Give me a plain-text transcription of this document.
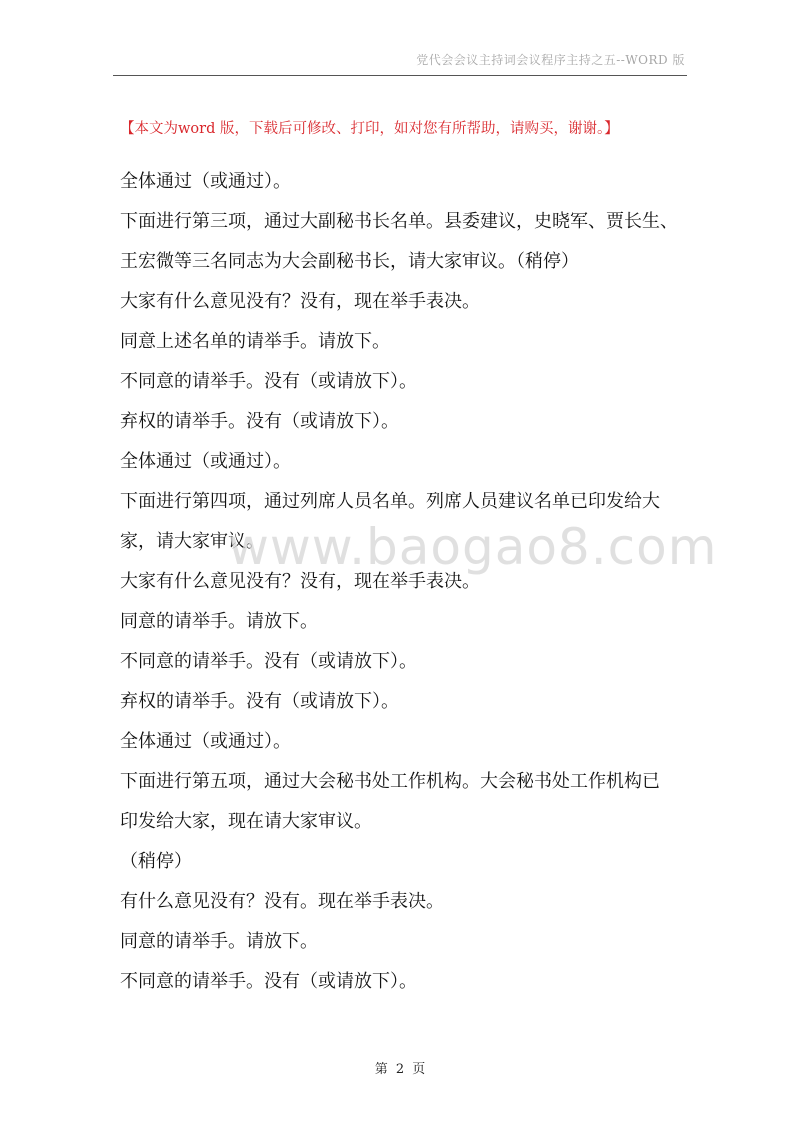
党代会会议主持词会议程序主持之五--WORD 版
【本文为word 版，下载后可修改、打印，如对您有所帮助，请购买，谢谢。】

全体通过（或通过）。

下面进行第三项，通过大副秘书长名单。县委建议，史晓军、贾长生、

王宏微等三名同志为大会副秘书长，请大家审议。（稍停）

大家有什么意见没有？没有，现在举手表决。

同意上述名单的请举手。请放下。

不同意的请举手。没有（或请放下）。

弃权的请举手。没有（或请放下）。

全体通过（或通过）。

下面进行第四项，通过列席人员名单。列席人员建议名单已印发给大

家，请大家审议。

大家有什么意见没有？没有，现在举手表决。

同意的请举手。请放下。

不同意的请举手。没有（或请放下）。

弃权的请举手。没有（或请放下）。

全体通过（或通过）。

下面进行第五项，通过大会秘书处工作机构。大会秘书处工作机构已

印发给大家，现在请大家审议。

（稍停）

有什么意见没有？没有。现在举手表决。

同意的请举手。请放下。

不同意的请举手。没有（或请放下）。

www.baogao8.com
第 2 页
